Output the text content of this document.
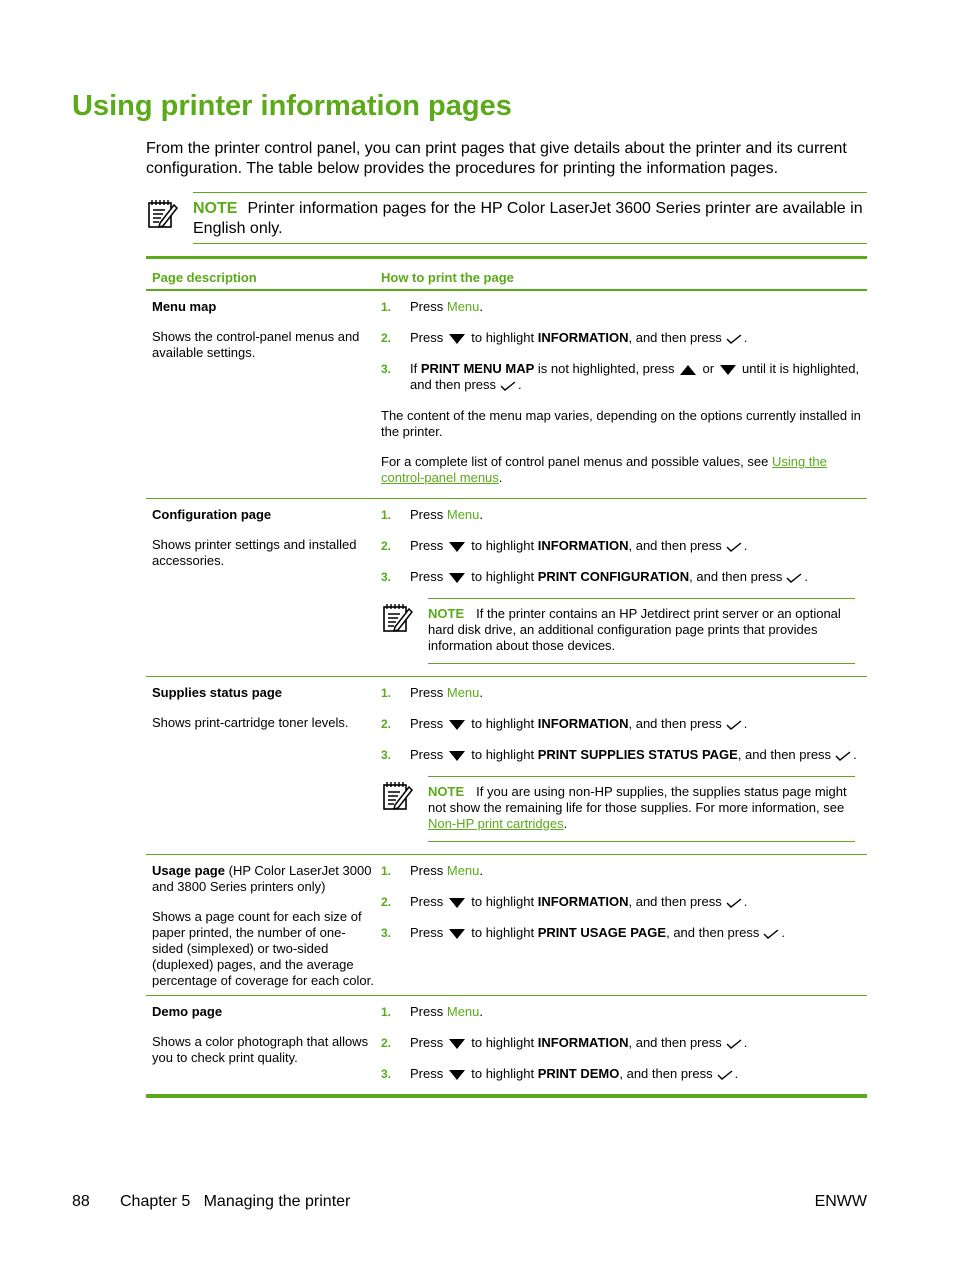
Using printer information pages

From the printer control panel, you can print pages that give details about the printer and its current configuration. The table below provides the procedures for printing the information pages.

NOTE Printer information pages for the HP Color LaserJet 3600 Series printer are available in English only.
Page description	How to print the page

Menu map

Shows the control-panel menus and available settings.

1.	Press Menu.
2.	Press to highlight INFORMATION, and then press .
3.	If PRINT MENU MAP is not highlighted, press or until it is highlighted, and then press .

The content of the menu map varies, depending on the options currently installed in the printer.

For a complete list of control panel menus and possible values, see Using the control-panel menus.

Configuration page

Shows printer settings and installed accessories.

1.	Press Menu.
2.	Press to highlight INFORMATION, and then press .
3.	Press to highlight PRINT CONFIGURATION, and then press .
NOTE If the printer contains an HP Jetdirect print server or an optional hard disk drive, an additional configuration page prints that provides information about those devices.

Supplies status page

Shows print-cartridge toner levels.

1.	Press Menu.
2.	Press to highlight INFORMATION, and then press .
3.	Press to highlight PRINT SUPPLIES STATUS PAGE, and then press .
NOTE If you are using non-HP supplies, the supplies status page might not show the remaining life for those supplies. For more information, see Non-HP print cartridges.

Usage page (HP Color LaserJet 3000 and 3800 Series printers only)

Shows a page count for each size of paper printed, the number of one-sided (simplexed) or two-sided (duplexed) pages, and the average percentage of coverage for each color.

1.	Press Menu.
2.	Press to highlight INFORMATION, and then press .
3.	Press to highlight PRINT USAGE PAGE, and then press .

Demo page

Shows a color photograph that allows you to check print quality.

1.	Press Menu.
2.	Press to highlight INFORMATION, and then press .
3.	Press to highlight PRINT DEMO, and then press .
88 Chapter 5   Managing the printer	ENWW
